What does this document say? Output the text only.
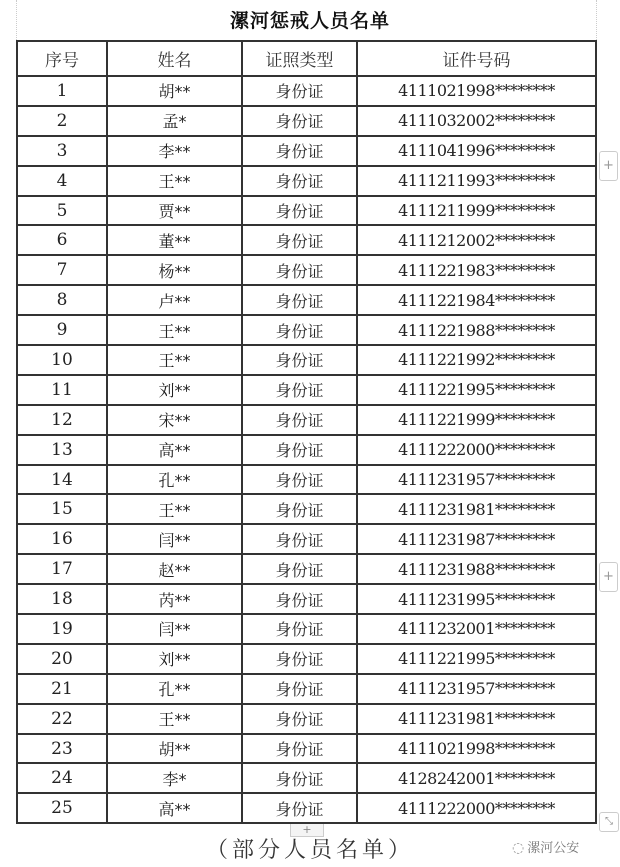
漯河惩戒人员名单
序号	姓名	证照类型	证件号码
1	胡**	身份证	4111021998********
2	孟*	身份证	4111032002********
3	李**	身份证	4111041996********
4	王**	身份证	4111211993********
5	贾**	身份证	4111211999********
6	董**	身份证	4111212002********
7	杨**	身份证	4111221983********
8	卢**	身份证	4111221984********
9	王**	身份证	4111221988********
10	王**	身份证	4111221992********
11	刘**	身份证	4111221995********
12	宋**	身份证	4111221999********
13	高**	身份证	4111222000********
14	孔**	身份证	4111231957********
15	王**	身份证	4111231981********
16	闫**	身份证	4111231987********
17	赵**	身份证	4111231988********
18	芮**	身份证	4111231995********
19	闫**	身份证	4111232001********
20	刘**	身份证	4111221995********
21	孔**	身份证	4111231957********
22	王**	身份证	4111231981********
23	胡**	身份证	4111021998********
24	李*	身份证	4128242001********
25	高**	身份证	4111222000********
+
+
+
⤡
（部分人员名单）	◌ 漯河公安
